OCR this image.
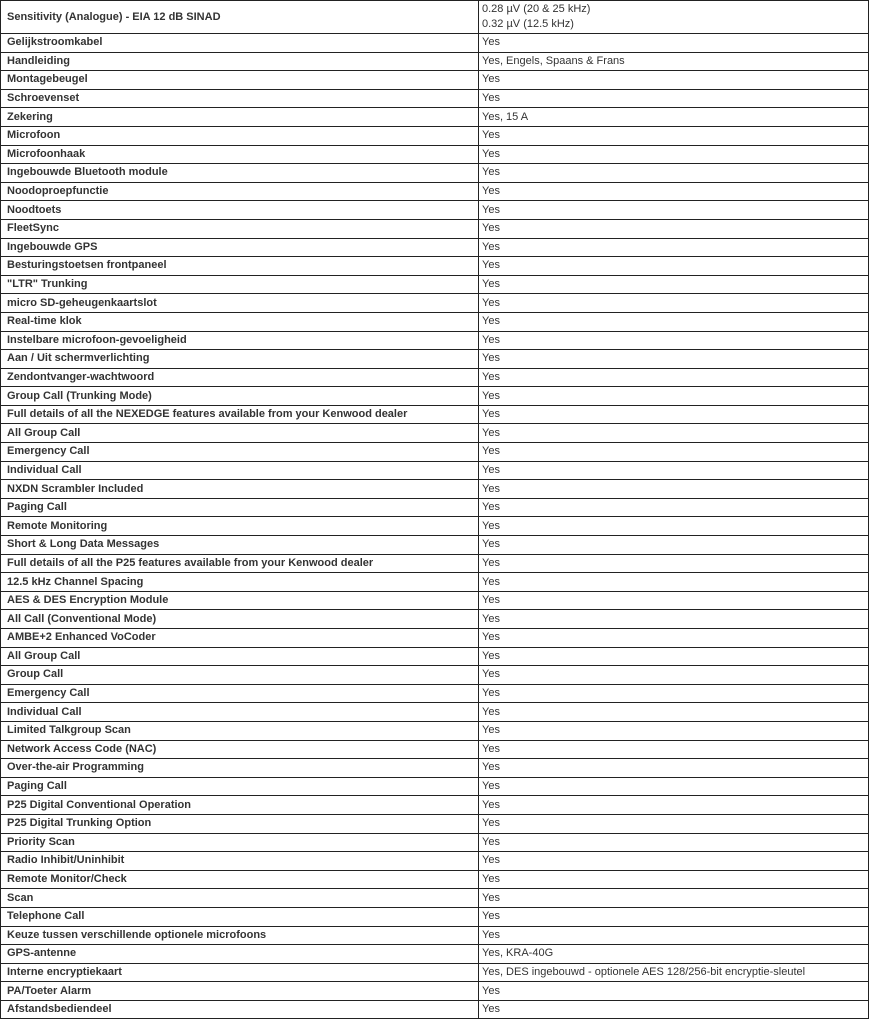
Sensitivity (Analogue) - EIA 12 dB SINAD	0.28 µV (20 & 25 kHz)
0.32 µV (12.5 kHz)

Gelijkstroomkabel	Yes
Handleiding	Yes, Engels, Spaans & Frans
Montagebeugel	Yes
Schroevenset	Yes
Zekering	Yes, 15 A
Microfoon	Yes
Microfoonhaak	Yes
Ingebouwde Bluetooth module	Yes
Noodoproepfunctie	Yes
Noodtoets	Yes
FleetSync	Yes
Ingebouwde GPS	Yes
Besturingstoetsen frontpaneel	Yes
"LTR" Trunking	Yes
micro SD-geheugenkaartslot	Yes
Real-time klok	Yes
Instelbare microfoon-gevoeligheid	Yes
Aan / Uit schermverlichting	Yes
Zendontvanger-wachtwoord	Yes
Group Call (Trunking Mode)	Yes
Full details of all the NEXEDGE features available from your Kenwood dealer	Yes
All Group Call	Yes
Emergency Call	Yes
Individual Call	Yes
NXDN Scrambler Included	Yes
Paging Call	Yes
Remote Monitoring	Yes
Short & Long Data Messages	Yes
Full details of all the P25 features available from your Kenwood dealer	Yes
12.5 kHz Channel Spacing	Yes
AES & DES Encryption Module	Yes
All Call (Conventional Mode)	Yes
AMBE+2 Enhanced VoCoder	Yes
All Group Call	Yes
Group Call	Yes
Emergency Call	Yes
Individual Call	Yes
Limited Talkgroup Scan	Yes
Network Access Code (NAC)	Yes
Over-the-air Programming	Yes
Paging Call	Yes
P25 Digital Conventional Operation	Yes
P25 Digital Trunking Option	Yes
Priority Scan	Yes
Radio Inhibit/Uninhibit	Yes
Remote Monitor/Check	Yes
Scan	Yes
Telephone Call	Yes
Keuze tussen verschillende optionele microfoons	Yes
GPS-antenne	Yes, KRA-40G
Interne encryptiekaart	Yes, DES ingebouwd - optionele AES 128/256-bit encryptie-sleutel
PA/Toeter Alarm	Yes
Afstandsbediendeel	Yes
